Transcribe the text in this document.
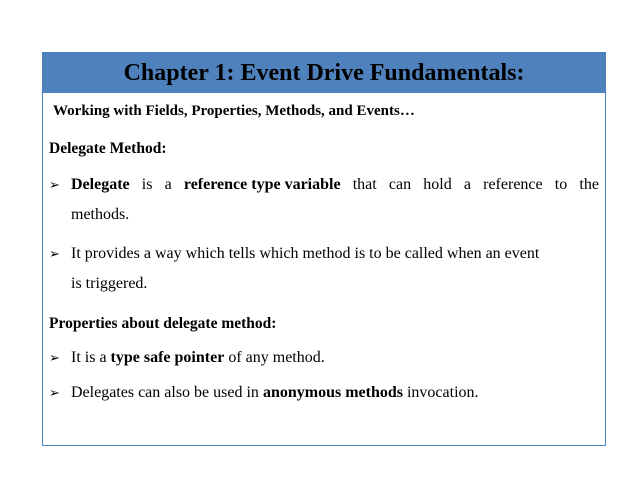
Chapter 1: Event Drive Fundamentals:
Working with Fields, Properties, Methods, and Events…
Delegate Method:
➢ Delegate is a reference type variable that can hold a reference to the
methods.
➢ It provides a way which tells which method is to be called when an event
is triggered.
Properties about delegate method:
➢ It is a type safe pointer of any method.
➢ Delegates can also be used in anonymous methods invocation.
